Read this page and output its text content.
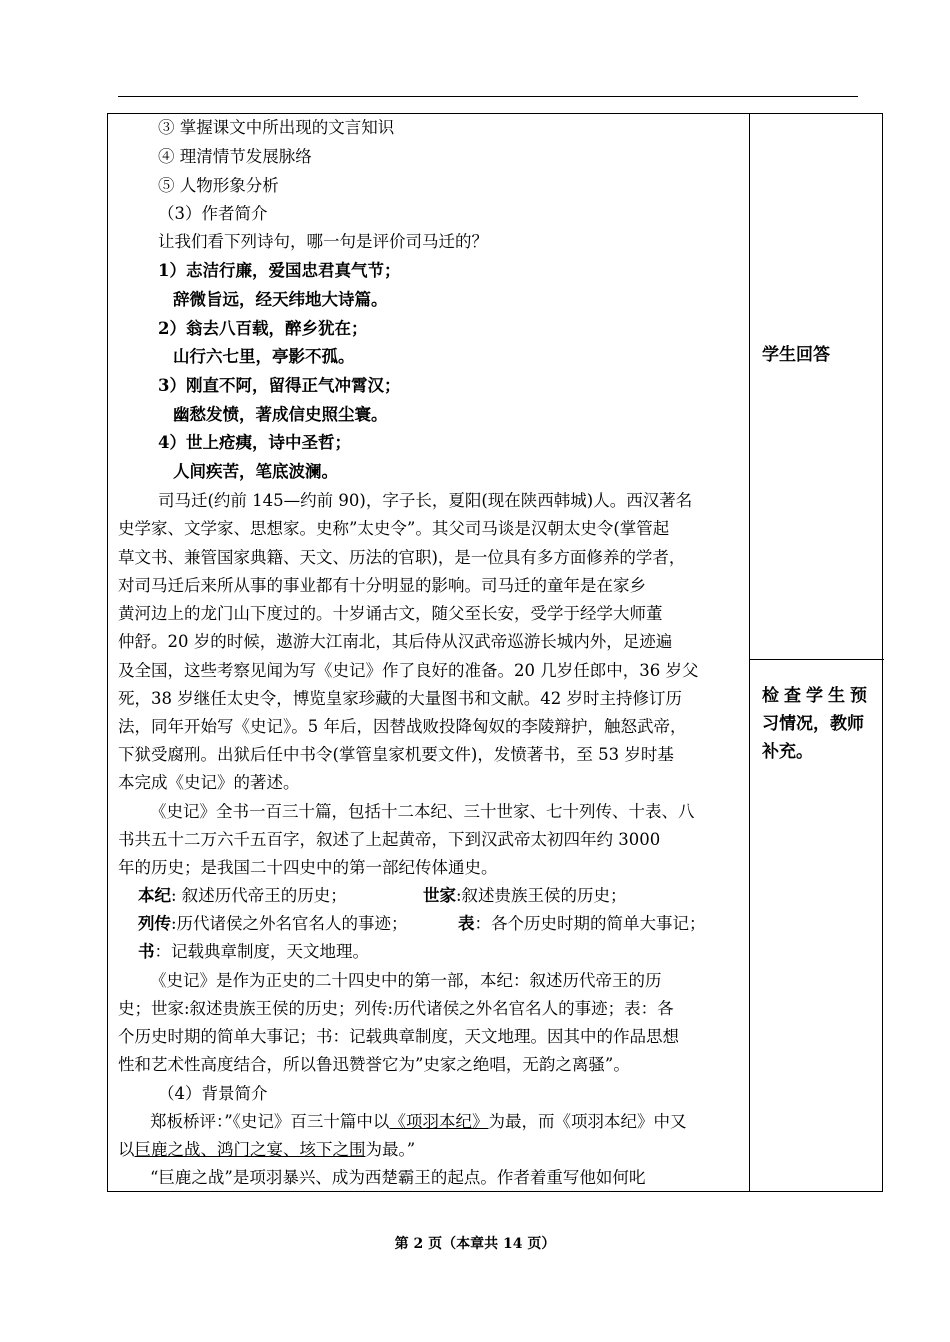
③ 掌握课文中所出现的文言知识
④ 理清情节发展脉络
⑤ 人物形象分析
（3）作者简介
让我们看下列诗句，哪一句是评价司马迁的？
1）志洁行廉，爱国忠君真气节；
辞微旨远，经天纬地大诗篇。
2）翁去八百载，醉乡犹在；
山行六七里，亭影不孤。
3）刚直不阿，留得正气冲霄汉；
幽愁发愤，著成信史照尘寰。
4）世上疮痍，诗中圣哲；
人间疾苦，笔底波澜。
司马迁(约前 145—约前 90)，字子长，夏阳(现在陕西韩城)人。西汉著名
史学家、文学家、思想家。史称”太史令”。其父司马谈是汉朝太史令(掌管起
草文书、兼管国家典籍、天文、历法的官职)，是一位具有多方面修养的学者，
对司马迁后来所从事的事业都有十分明显的影响。司马迁的童年是在家乡
黄河边上的龙门山下度过的。十岁诵古文，随父至长安，受学于经学大师董
仲舒。20 岁的时候，遨游大江南北，其后侍从汉武帝巡游长城内外，足迹遍
及全国，这些考察见闻为写《史记》作了良好的准备。20 几岁任郎中，36 岁父
死，38 岁继任太史令，博览皇家珍藏的大量图书和文献。42 岁时主持修订历
法，同年开始写《史记》。5 年后，因替战败投降匈奴的李陵辩护，触怒武帝，
下狱受腐刑。出狱后任中书令(掌管皇家机要文件)，发愤著书，至 53 岁时基
本完成《史记》的著述。
《史记》全书一百三十篇，包括十二本纪、三十世家、七十列传、十表、八
书共五十二万六千五百字，叙述了上起黄帝，下到汉武帝太初四年约 3000
年的历史；是我国二十四史中的第一部纪传体通史。
本纪: 叙述历代帝王的历史；	世家:叙述贵族王侯的历史；
列传:历代诸侯之外名官名人的事迹；	表：各个历史时期的简单大事记；
书：记载典章制度，天文地理。
《史记》是作为正史的二十四史中的第一部，本纪：叙述历代帝王的历
史；世家:叙述贵族王侯的历史；列传:历代诸侯之外名官名人的事迹；表：各
个历史时期的简单大事记；书：记载典章制度，天文地理。因其中的作品思想
性和艺术性高度结合，所以鲁迅赞誉它为”史家之绝唱，无韵之离骚”。
（4）背景简介
郑板桥评：”《史记》百三十篇中以《项羽本纪》为最，而《项羽本纪》中又
以巨鹿之战、鸿门之宴、垓下之围为最。”
“巨鹿之战”是项羽暴兴、成为西楚霸王的起点。作者着重写他如何叱
学生回答
检查学生预
习情况，教师
补充。
第 2 页（本章共 14 页）
